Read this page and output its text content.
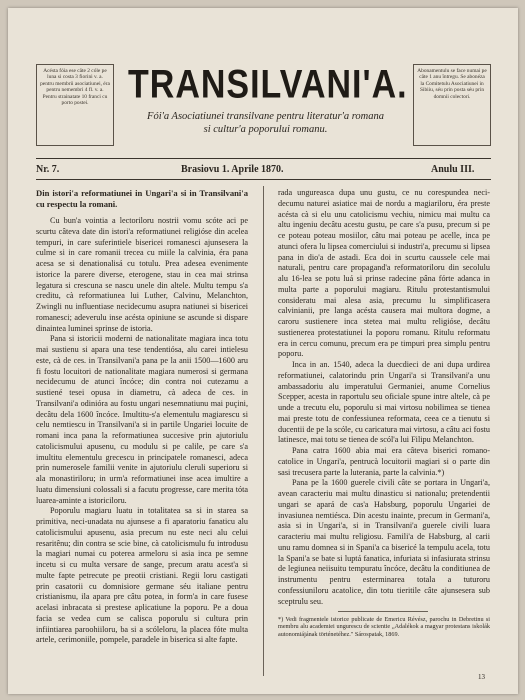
Acésta fóia ese câte 2 cóle pe luna si costa 3 fiorini v. a. pentru membrii asociatiunei, éra pentru nemembri 4 fl. v. a. Pentru strainatate 10 franci cu porto postei.	TRANSILVANI'A.
Fói'a Asociatiunei transilvane pentru literatur'a romana
si cultur'a poporului romanu.
Abonamentulu se face numai pe câte 1 anu întregu. Se abonéza la Comitetulu Asociatiunei in Sibiiu, séu prin posta séu prin domnii colectori.
Nr. 7.	Brasiovu 1. Aprile 1870.	Anulu III.

Din istori'a reformatiunei in Ungari'a si in Transilvani'a cu respectu la romani.

Cu bun'a vointia a lectoriloru nostrii vomu scóte aci pe scurtu câteva date din istori'a reformatiunei religióse din acelea tempuri, in care suferintiele bisericei romanesci ajunsesera la culme si in care romanii trecea cu miile la calvinia, éra pana acesa se si denationalisá cu totulu. Prea adesea evenimente istorice la parere diverse, eterogene, stau in cea mai strinsa legatura si crescuna se nascu unele din altele. Multu tempu s'a creditu, cà reformatiunea lui Luther, Calvinu, Melanchton, Zwingli nu influentiase necidecumu asupra natiunei si bisericei romanesci; adeverulu inse acésta opiniune se ascunde si dispare dinaintea luminei sprinse de istoria.

Pana si istoricii moderni de nationalitate magiara inca totu mai sustienu si apara una tese tendentiósa, alu carei intielesu este, cà de ces. in Transilvani'a pana pe la anii 1500—1600 aru fi fostu locuitori de nationalitate magiara numerosi si germana necidecumu de atunci încóce; din contra noi cutezamu a sustiené tesei opusa in diametru, cà adeca de ces. in Transilvani'a odinióra au fostu ungari nesemnatiunu mai puçini, decâtu dela 1600 încóce. Imultitu-s'a elementulu magiarescu si celu nemtiescu in Transilvani'a si in partile Ungariei locuite de romani inca pana la reformatiunea succesive prin ajutoriulu catolicismului apusenu, cu modulu si pe calile, pe care s'a imultitu elementulu grecescu in principatele romanesci, adeca prin numerosele familii venite in ajutoriulu cleruli superioru si ala monastiriloru; in urm'a reformatiunei inse acea imultire a luatu dimensiuni colossali si a facutu progresse, care merita tóta luarea-aminte a istoriciloru.

Poporulu magiaru luatu in totalitatea sa si in starea sa primitiva, neci-unadata nu ajunsese a fi aparatoriu fanaticu alu catolicismului apusenu, asia precum nu este neci alu celui resaritênu; din contra se scie bine, cà catolicismulu fu introdusu la magiari numai cu poterea armeloru si asia inca pe semne incetu si cu multa versare de sange, precum aratu acest'a si multe fapte petrecute pe preotii cristiani. Regii loru castigati prin casatorii cu domnisiore germane séu italiane pentru cristianismu, ila apara pre câtu potea, in form'a in care fusese acelasi inbracata si prestese aplicatiune la poporu. Pe a doua facia se vedea cum se calisca poporulu si cultura prin infiintiarea paroohiiloru, ba si a scóleloru, la placea fóte multa artele, cerimoniile, pompele, paradele in biserica si alte fapte.

rada ungureasca dupa unu gustu, ce nu corespundea neci-decumu naturei asiatice mai de nordu a magiariloru, éra preste acésta cà si elu unu catolicismu vechiu, nimicu mai multu ca altu ingeniu decâtu acestu gustu, pe care s'a pusu, precum si pe ce poteau poteau mosiilor, câtu mai poteau pe acelle, inca pe atunci ofera lu lipsea comerciului si industri'a, precumu si lipsea pana in dio'a de astadi. Eca doi in scurtu caussele cele mai naturali, pentru care propagand'a reformatoriloru din secolulu alu 16-lea se potu luá si prinse radecine pâna fórte adanca in multa parte a poporului magiaru. Ritulu protestantismului consideratu mai alesa asia, precumu lu simplificasera calvinianii, pre langa acésta causera mai multora dogme, a caroru sustienere inca stetea mai multu religióse, decâtu sustienerea protestatiunei la poporu romanu. Ritulu reformatu era in cercu comunu, precum era pe timpuri prea simplu pentru poporu.

Inca in an. 1540, adeca la duecdieci de ani dupa urdirea reformatiunei, calatorindu prin Ungari'a si Transilvani'a unu ambassadoriu alu imperatului Germaniei, anume Cornelius Scepper, acesta in raportulu seu oficiale spune intre altele, cà pe unde a trecutu elu, poporulu si mai virtosu nobilimea se tienea mai preste totu de confessiunea reformata, ceea ce a tienutu si ducentii de pe la scóle, cu caricatura mai virtosu, a câtu aci fostu latinesce, mai totu se tienea de scól'a lui Filipu Melanchton.

Pana catra 1600 abia mai era câteva biserici romano-catolice in Ungari'a, pentrucà locuitorii magiari si o parte din sasi trecusera parte la luterania, parte la calvinia.*)

Pana pe la 1600 guerele civili câte se portara in Ungari'a, avean caracteriu mai multu dinasticu si nationalu; pretendentii ungari se apará de cas'a Habsburg, poporulu Ungariei de invasiunea nemtiésca. Din acestu inainte, precum in Germani'a, asia si in Ungari'a, si in Transilvani'a guerele civili luara caracteriu mai multu religiosu. Famili'a de Habsburg, al carii unu ramu domnea si in Spani'a ca bisericé la tempulu acela, totu la Spani'a se bate si luptá fanatica, infuriata si infasiurata strinsu de legiunea neiisuitu tempuratu încóce, decâtu la conditiunea de instrumentu pentru esterminarea totala a tuturoru confessiuniloru acatolice, din totu tieritile câte ajunsesera sub sceptrulu seu.

*) Vedi fragmentele istorice publicate de Emericu Révész, parochu in Debretinu si membru alu academiei ungurescu de scientie „Adalékok a magyar protestans iskolák autonomiájának történetéhez." Sárospatak, 1869.
13
